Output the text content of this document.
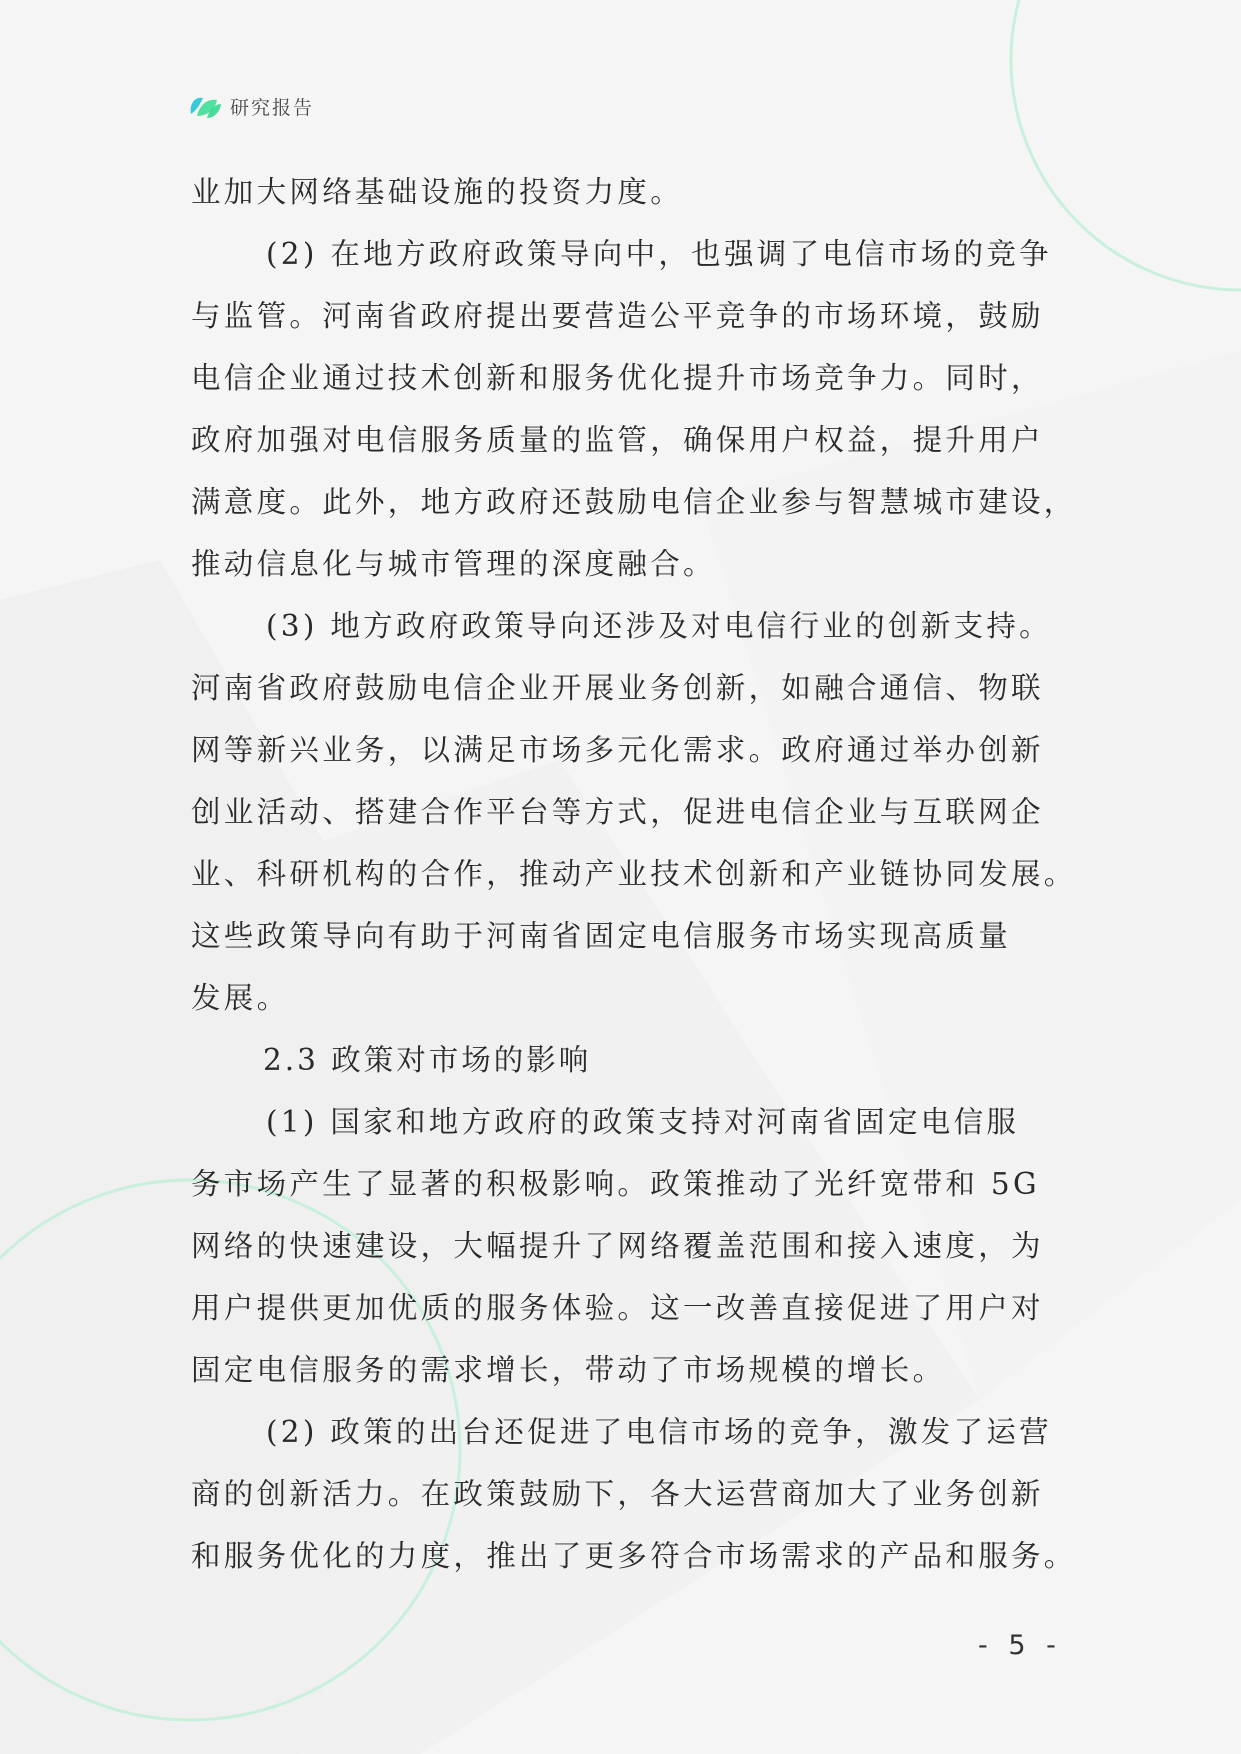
研究报告
业加大网络基础设施的投资力度。
(2) 在地方政府政策导向中，也强调了电信市场的竞争
与监管。河南省政府提出要营造公平竞争的市场环境，鼓励
电信企业通过技术创新和服务优化提升市场竞争力。同时，
政府加强对电信服务质量的监管，确保用户权益，提升用户
满意度。此外，地方政府还鼓励电信企业参与智慧城市建设，
推动信息化与城市管理的深度融合。
(3) 地方政府政策导向还涉及对电信行业的创新支持。
河南省政府鼓励电信企业开展业务创新，如融合通信、物联
网等新兴业务，以满足市场多元化需求。政府通过举办创新
创业活动、搭建合作平台等方式，促进电信企业与互联网企
业、科研机构的合作，推动产业技术创新和产业链协同发展。
这些政策导向有助于河南省固定电信服务市场实现高质量
发展。
2.3 政策对市场的影响
(1) 国家和地方政府的政策支持对河南省固定电信服
务市场产生了显著的积极影响。政策推动了光纤宽带和 5G
网络的快速建设，大幅提升了网络覆盖范围和接入速度，为
用户提供更加优质的服务体验。这一改善直接促进了用户对
固定电信服务的需求增长，带动了市场规模的增长。
(2) 政策的出台还促进了电信市场的竞争，激发了运营
商的创新活力。在政策鼓励下，各大运营商加大了业务创新
和服务优化的力度，推出了更多符合市场需求的产品和服务。
- 5 -
